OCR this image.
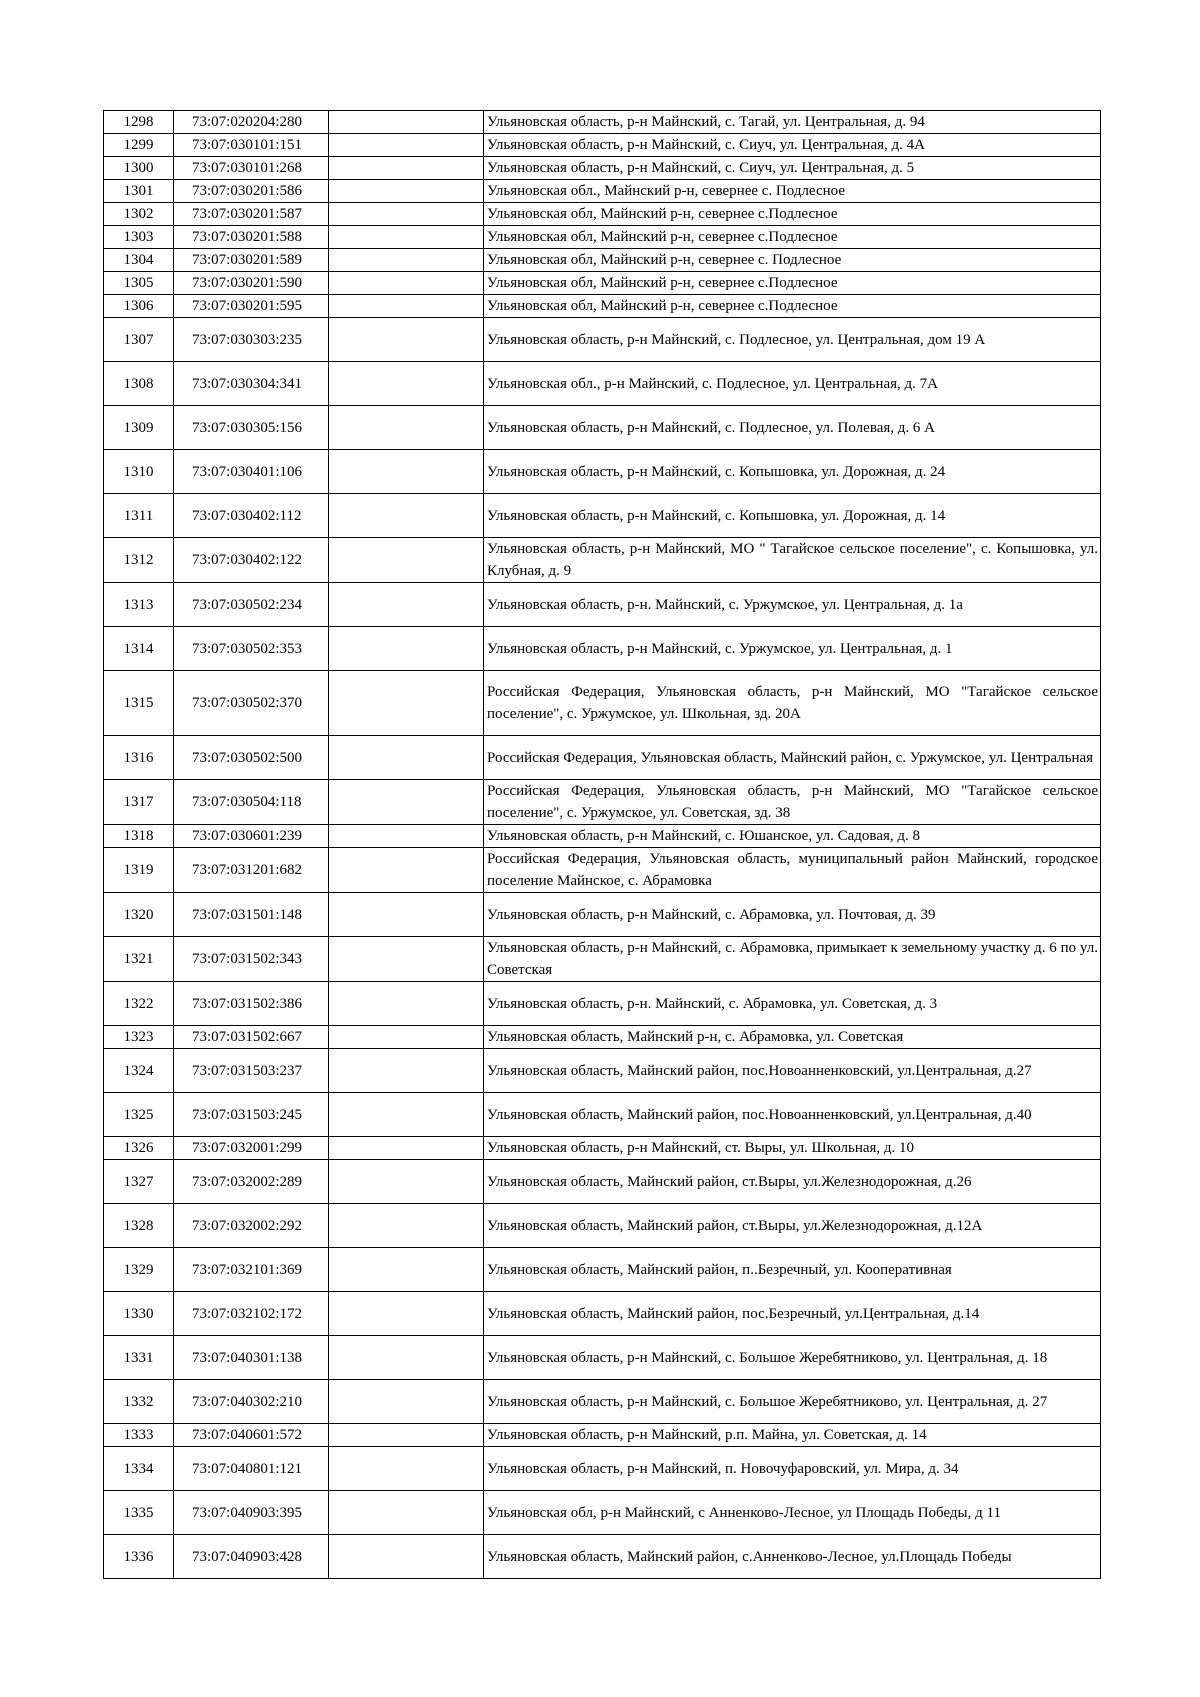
1298	73:07:020204:280		Ульяновская область, р-н Майнский, с. Тагай, ул. Центральная, д. 94
1299	73:07:030101:151		Ульяновская область, р-н Майнский, с. Сиуч, ул. Центральная, д. 4А
1300	73:07:030101:268		Ульяновская область, р-н Майнский, с. Сиуч, ул. Центральная, д. 5
1301	73:07:030201:586		Ульяновская обл., Майнский р-н, севернее с. Подлесное
1302	73:07:030201:587		Ульяновская обл, Майнский р-н, севернее с.Подлесное
1303	73:07:030201:588		Ульяновская обл, Майнский р-н, севернее с.Подлесное
1304	73:07:030201:589		Ульяновская обл, Майнский р-н, севернее с. Подлесное
1305	73:07:030201:590		Ульяновская обл, Майнский р-н, севернее с.Подлесное
1306	73:07:030201:595		Ульяновская обл, Майнский р-н, севернее с.Подлесное
1307	73:07:030303:235		Ульяновская область, р-н Майнский, с. Подлесное, ул. Центральная, дом 19 А
1308	73:07:030304:341		Ульяновская обл., р-н Майнский, с. Подлесное, ул. Центральная, д. 7А
1309	73:07:030305:156		Ульяновская область, р-н Майнский, с. Подлесное, ул. Полевая, д. 6 А
1310	73:07:030401:106		Ульяновская область, р-н Майнский, с. Копышовка, ул. Дорожная, д. 24
1311	73:07:030402:112		Ульяновская область, р-н Майнский, с. Копышовка, ул. Дорожная, д. 14
1312	73:07:030402:122		Ульяновская область, р-н Майнский, МО " Тагайское сельское поселение", с. Копышовка, ул. Клубная, д. 9
1313	73:07:030502:234		Ульяновская область, р-н. Майнский, с. Уржумское, ул. Центральная, д. 1а
1314	73:07:030502:353		Ульяновская область, р-н Майнский, с. Уржумское, ул. Центральная, д. 1
1315	73:07:030502:370		Российская Федерация, Ульяновская область, р-н Майнский, МО "Тагайское сельское поселение", с. Уржумское, ул. Школьная, зд. 20А
1316	73:07:030502:500		Российская Федерация, Ульяновская область, Майнский район, с. Уржумское, ул. Центральная
1317	73:07:030504:118		Российская Федерация, Ульяновская область, р-н Майнский, МО "Тагайское сельское поселение", с. Уржумское, ул. Советская, зд. 38
1318	73:07:030601:239		Ульяновская область, р-н Майнский, с. Юшанское, ул. Садовая, д. 8
1319	73:07:031201:682		Российская Федерация, Ульяновская область, муниципальный район Майнский, городское поселение Майнское, с. Абрамовка
1320	73:07:031501:148		Ульяновская область, р-н Майнский, с. Абрамовка, ул. Почтовая, д. 39
1321	73:07:031502:343		Ульяновская область, р-н Майнский, с. Абрамовка, примыкает к земельному участку д. 6 по ул. Советская
1322	73:07:031502:386		Ульяновская область, р-н. Майнский, с. Абрамовка, ул. Советская, д. 3
1323	73:07:031502:667		Ульяновская область, Майнский р-н, с. Абрамовка, ул. Советская
1324	73:07:031503:237		Ульяновская область, Майнский район, пос.Новоанненковский, ул.Центральная, д.27
1325	73:07:031503:245		Ульяновская область, Майнский район, пос.Новоанненковский, ул.Центральная, д.40
1326	73:07:032001:299		Ульяновская область, р-н Майнский, ст. Выры, ул. Школьная, д. 10
1327	73:07:032002:289		Ульяновская область, Майнский район, ст.Выры, ул.Железнодорожная, д.26
1328	73:07:032002:292		Ульяновская область, Майнский район, ст.Выры, ул.Железнодорожная, д.12А
1329	73:07:032101:369		Ульяновская область, Майнский район, п..Безречный, ул. Кооперативная
1330	73:07:032102:172		Ульяновская область, Майнский район, пос.Безречный, ул.Центральная, д.14
1331	73:07:040301:138		Ульяновская область, р-н Майнский, с. Большое Жеребятниково, ул. Центральная, д. 18
1332	73:07:040302:210		Ульяновская область, р-н Майнский, с. Большое Жеребятниково, ул. Центральная, д. 27
1333	73:07:040601:572		Ульяновская область, р-н Майнский, р.п. Майна, ул. Советская, д. 14
1334	73:07:040801:121		Ульяновская область, р-н Майнский, п. Новочуфаровский, ул. Мира, д. 34
1335	73:07:040903:395		Ульяновская обл, р-н Майнский, с Анненково-Лесное, ул Площадь Победы, д 11
1336	73:07:040903:428		Ульяновская область, Майнский район, с.Анненково-Лесное, ул.Площадь Победы
